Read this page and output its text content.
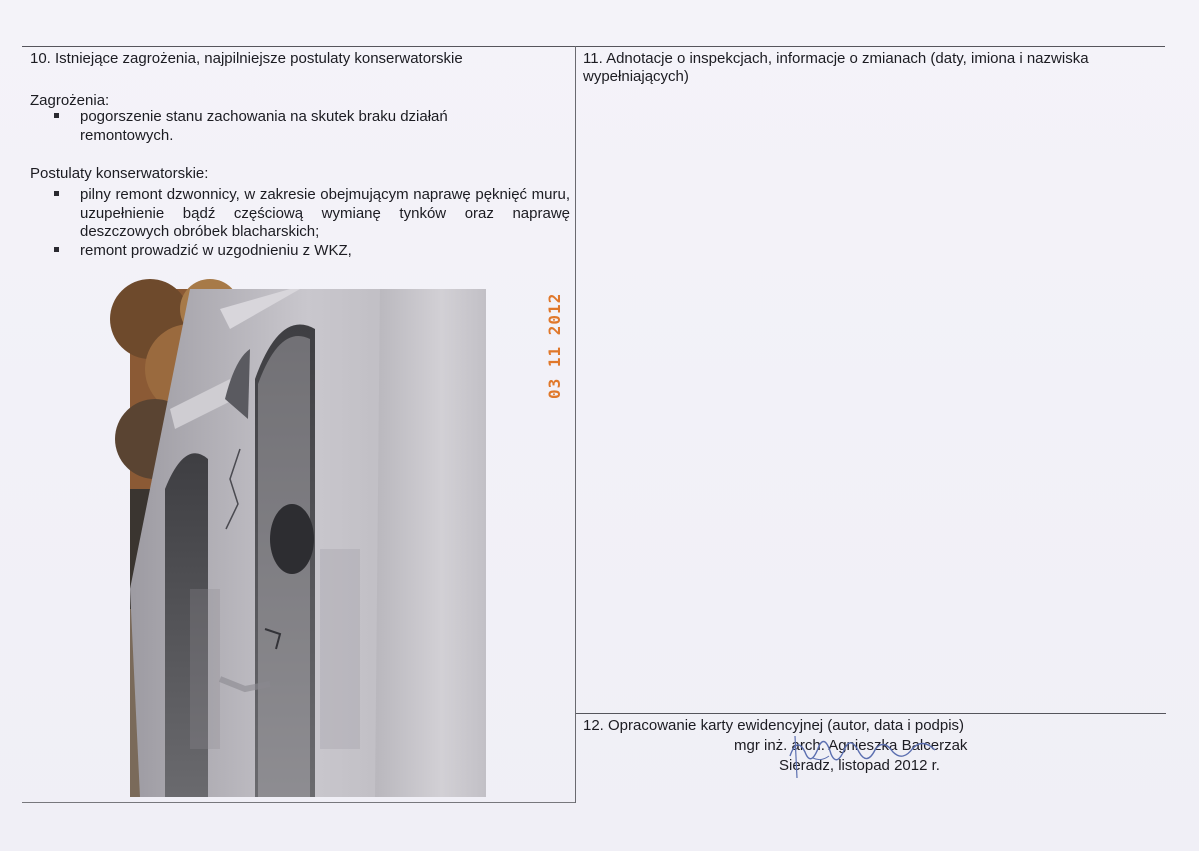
10. Istniejące zagrożenia, najpilniejsze postulaty konserwatorskie
Zagrożenia:
pogorszenie stanu zachowania na skutek braku działań remontowych.
Postulaty konserwatorskie:
pilny remont dzwonnicy, w zakresie obejmującym naprawę pęknięć muru, uzupełnienie bądź częściową wymianę tynków oraz naprawę deszczowych obróbek blacharskich;
remont prowadzić w uzgodnieniu z WKZ,
03 11 2012
11. Adnotacje o inspekcjach, informacje o zmianach (daty, imiona i nazwiska wypełniających)
12. Opracowanie karty ewidencyjnej (autor, data i podpis)
mgr inż. arch. Agnieszka Balcerzak
Sieradz, listopad 2012 r.
